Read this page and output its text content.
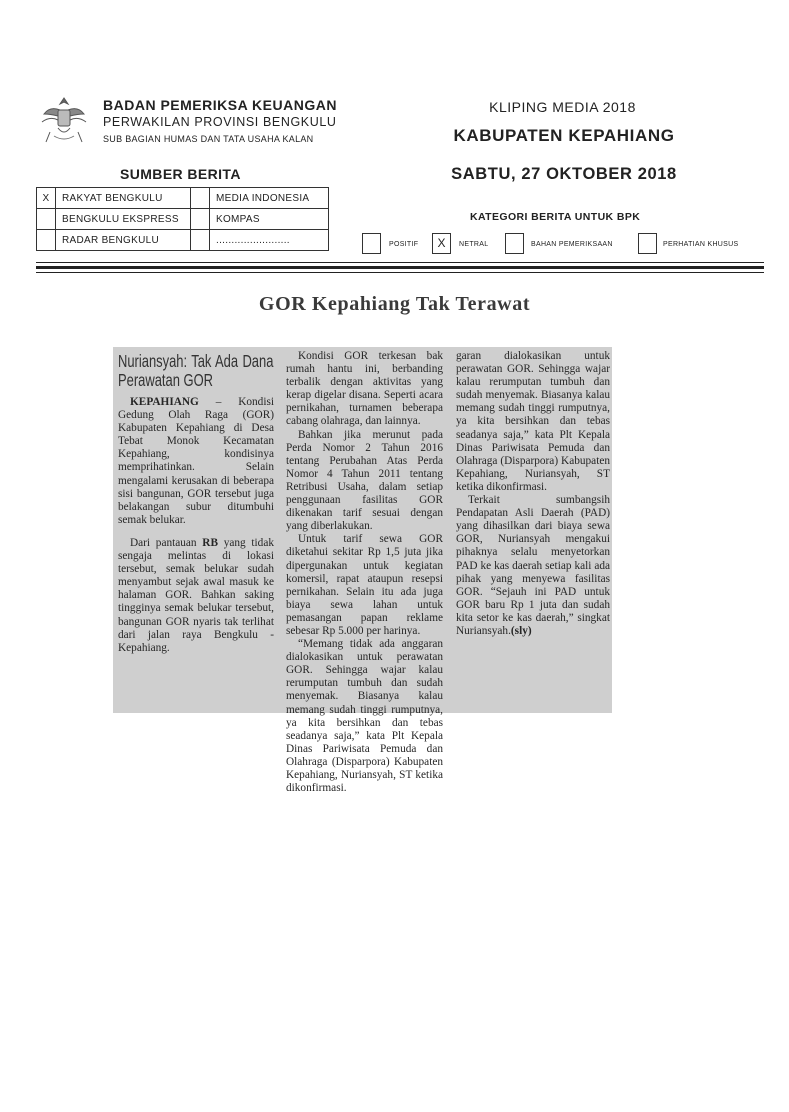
BADAN PEMERIKSA KEUANGAN
PERWAKILAN PROVINSI BENGKULU
SUB BAGIAN HUMAS DAN TATA USAHA KALAN
KLIPING MEDIA 2018
KABUPATEN KEPAHIANG
SABTU, 27 OKTOBER 2018
SUMBER BERITA
X	RAKYAT BENGKULU		MEDIA INDONESIA
	BENGKULU EKSPRESS		KOMPAS
	RADAR BENGKULU		........................
KATEGORI BERITA UNTUK BPK
POSITIF	X	NETRAL	BAHAN PEMERIKSAAN	PERHATIAN KHUSUS
GOR Kepahiang Tak Terawat
Nuriansyah: Tak Ada Dana Perawatan GOR

KEPAHIANG – Kondisi Gedung Olah Raga (GOR) Kabupaten Kepahiang di Desa Tebat Monok Kecamatan Kepahiang, kondisinya memprihatinkan. Selain mengalami kerusakan di beberapa sisi bangunan, GOR tersebut juga belakangan subur ditumbuhi semak belukar.

Dari pantauan RB yang tidak sengaja melintas di lokasi tersebut, semak belukar sudah menyambut sejak awal masuk ke halaman GOR. Bahkan saking tingginya semak belukar tersebut, bangunan GOR nyaris tak terlihat dari jalan raya Bengkulu - Kepahiang.

Kondisi GOR terkesan bak rumah hantu ini, berbanding terbalik dengan aktivitas yang kerap digelar disana. Seperti acara pernikahan, turnamen beberapa cabang olahraga, dan lainnya.

Bahkan jika merunut pada Perda Nomor 2 Tahun 2016 tentang Perubahan Atas Perda Nomor 4 Tahun 2011 tentang Retribusi Usaha, dalam setiap penggunaan fasilitas GOR dikenakan tarif sesuai dengan yang diberlakukan.

Untuk tarif sewa GOR diketahui sekitar Rp 1,5 juta jika dipergunakan untuk kegiatan komersil, rapat ataupun resepsi pernikahan. Selain itu ada juga biaya sewa lahan untuk pemasangan papan reklame sebesar Rp 5.000 per harinya.

“Memang tidak ada anggaran dialokasikan untuk perawatan GOR. Sehingga wajar kalau rerumputan tumbuh dan sudah menyemak. Biasanya kalau memang sudah tinggi rumputnya, ya kita bersihkan dan tebas seadanya saja,” kata Plt Kepala Dinas Pariwisata Pemuda dan Olahraga (Disparpora) Kabupaten Kepahiang, Nuriansyah, ST ketika dikonfirmasi.

garan dialokasikan untuk perawatan GOR. Sehingga wajar kalau rerumputan tumbuh dan sudah menyemak. Biasanya kalau memang sudah tinggi rumputnya, ya kita bersihkan dan tebas seadanya saja,” kata Plt Kepala Dinas Pariwisata Pemuda dan Olahraga (Disparpora) Kabupaten Kepahiang, Nuriansyah, ST ketika dikonfirmasi.

Terkait sumbangsih Pendapatan Asli Daerah (PAD) yang dihasilkan dari biaya sewa GOR, Nuriansyah mengakui pihaknya selalu menyetorkan PAD ke kas daerah setiap kali ada pihak yang menyewa fasilitas GOR. “Sejauh ini PAD untuk GOR baru Rp 1 juta dan sudah kita setor ke kas daerah,” singkat Nuriansyah.(sly)
